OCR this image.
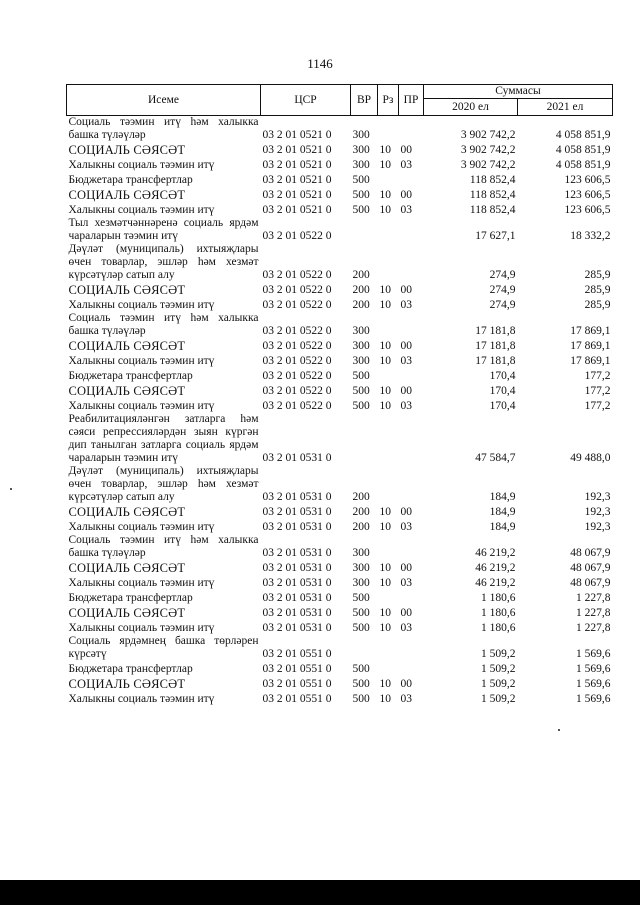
1146
Исеме	ЦСР	ВР	Рз	ПР	Суммасы	
					2020 ел	2021 ел
Социаль тәэмин итү һәм халыкка башка түләүләр	03 2 01 0521 0	300			3 902 742,2	4 058 851,9
СОЦИАЛЬ СӘЯСӘТ	03 2 01 0521 0	300	10	00	3 902 742,2	4 058 851,9
Халыкны социаль тәэмин итү	03 2 01 0521 0	300	10	03	3 902 742,2	4 058 851,9
Бюджетара трансфертлар	03 2 01 0521 0	500			118 852,4	123 606,5
СОЦИАЛЬ СӘЯСӘТ	03 2 01 0521 0	500	10	00	118 852,4	123 606,5
Халыкны социаль тәэмин итү	03 2 01 0521 0	500	10	03	118 852,4	123 606,5
Тыл хезмәтчәннәренә социаль ярдәм чараларын тәэмин итү	03 2 01 0522 0				17 627,1	18 332,2
Дәүләт (муниципаль) ихтыяҗлары өчен товарлар, эшләр һәм хезмәт күрсәтүләр сатып алу	03 2 01 0522 0	200			274,9	285,9
СОЦИАЛЬ СӘЯСӘТ	03 2 01 0522 0	200	10	00	274,9	285,9
Халыкны социаль тәэмин итү	03 2 01 0522 0	200	10	03	274,9	285,9
Социаль тәэмин итү һәм халыкка башка түләүләр	03 2 01 0522 0	300			17 181,8	17 869,1
СОЦИАЛЬ СӘЯСӘТ	03 2 01 0522 0	300	10	00	17 181,8	17 869,1
Халыкны социаль тәэмин итү	03 2 01 0522 0	300	10	03	17 181,8	17 869,1
Бюджетара трансфертлар	03 2 01 0522 0	500			170,4	177,2
СОЦИАЛЬ СӘЯСӘТ	03 2 01 0522 0	500	10	00	170,4	177,2
Халыкны социаль тәэмин итү	03 2 01 0522 0	500	10	03	170,4	177,2
Реабилитацияләнгән затларга һәм сәяси репрессияләрдән зыян күргән дип танылган затларга социаль ярдәм чараларын тәэмин итү	03 2 01 0531 0				47 584,7	49 488,0
Дәүләт (муниципаль) ихтыяҗлары өчен товарлар, эшләр һәм хезмәт күрсәтүләр сатып алу	03 2 01 0531 0	200			184,9	192,3
СОЦИАЛЬ СӘЯСӘТ	03 2 01 0531 0	200	10	00	184,9	192,3
Халыкны социаль тәэмин итү	03 2 01 0531 0	200	10	03	184,9	192,3
Социаль тәэмин итү һәм халыкка башка түләүләр	03 2 01 0531 0	300			46 219,2	48 067,9
СОЦИАЛЬ СӘЯСӘТ	03 2 01 0531 0	300	10	00	46 219,2	48 067,9
Халыкны социаль тәэмин итү	03 2 01 0531 0	300	10	03	46 219,2	48 067,9
Бюджетара трансфертлар	03 2 01 0531 0	500			1 180,6	1 227,8
СОЦИАЛЬ СӘЯСӘТ	03 2 01 0531 0	500	10	00	1 180,6	1 227,8
Халыкны социаль тәэмин итү	03 2 01 0531 0	500	10	03	1 180,6	1 227,8
Социаль ярдәмнең башка төрләрен күрсәтү	03 2 01 0551 0				1 509,2	1 569,6
Бюджетара трансфертлар	03 2 01 0551 0	500			1 509,2	1 569,6
СОЦИАЛЬ СӘЯСӘТ	03 2 01 0551 0	500	10	00	1 509,2	1 569,6
Халыкны социаль тәэмин итү	03 2 01 0551 0	500	10	03	1 509,2	1 569,6
